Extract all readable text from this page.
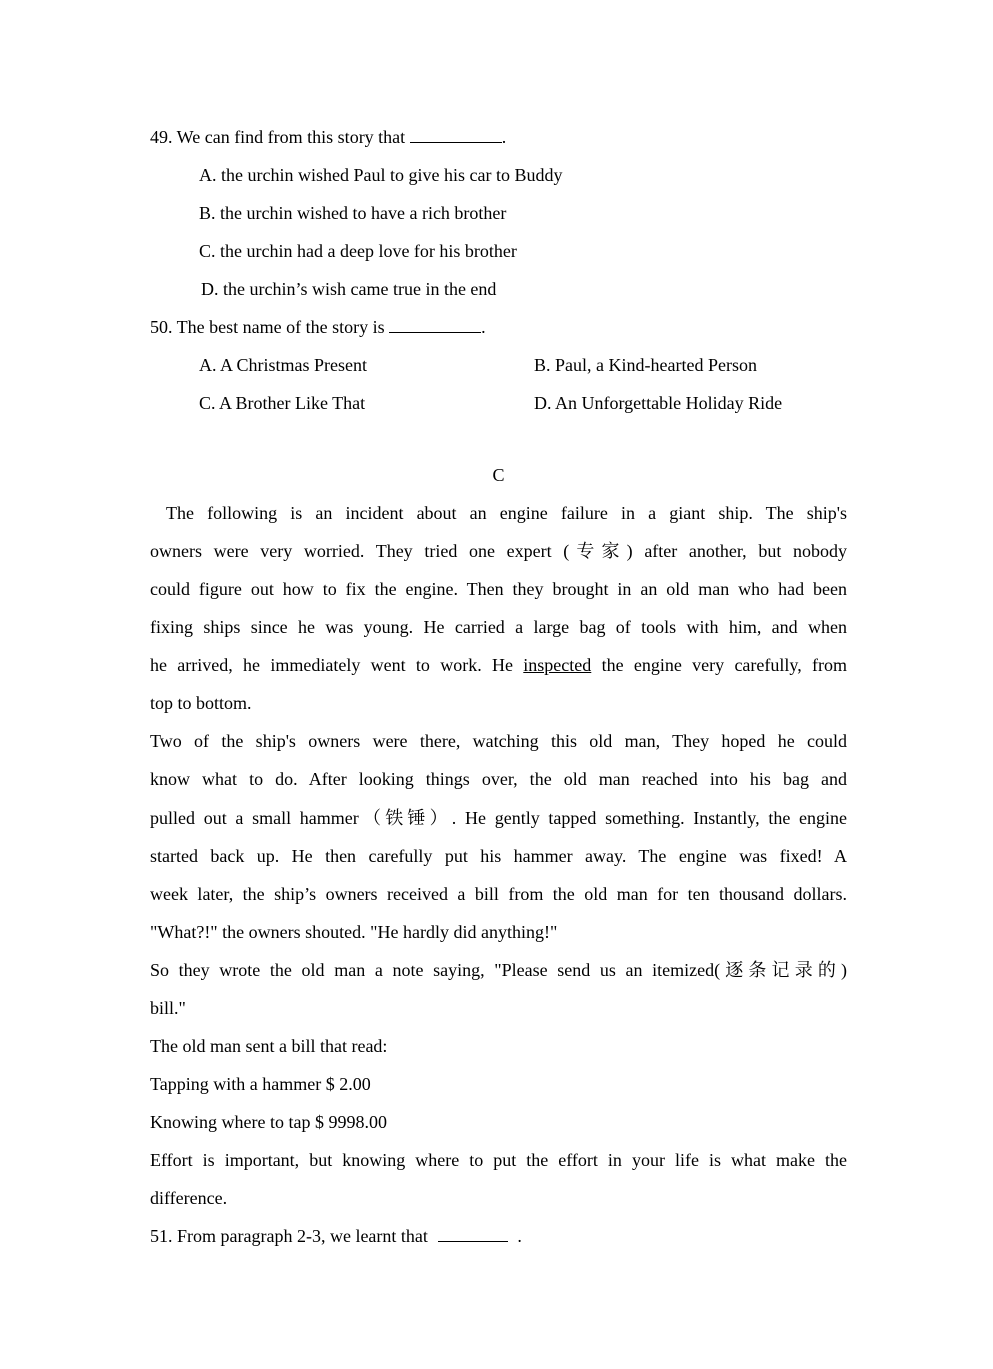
49. We can find from this story that	.
A. the urchin wished Paul to give his car to Buddy
B. the urchin wished to have a rich brother
C. the urchin had a deep love for his brother
D. the urchin’s wish came true in the end
50. The best name of the story is	.
A. A Christmas Present	B. Paul, a Kind-hearted Person
C. A Brother Like That	D. An Unforgettable Holiday Ride
C
The following is an incident about an engine failure in a giant ship. The ship's
owners were very worried. They tried one expert (专家) after another, but nobody
could figure out how to fix the engine. Then they brought in an old man who had been
fixing ships since he was young. He carried a large bag of tools with him, and when
he arrived, he immediately went to work. He inspected the engine very carefully, from
top to bottom.
Two of the ship's owners were there, watching this old man, They hoped he could
know what to do. After looking things over, the old man reached into his bag and
pulled out a small hammer（铁锤）. He gently tapped something. Instantly, the engine
started back up. He then carefully put his hammer away. The engine was fixed! A
week later, the ship’s owners received a bill from the old man for ten thousand dollars.
"What?!" the owners shouted. "He hardly did anything!"
So they wrote the old man a note saying, "Please send us an itemized(逐条记录的)
bill."
The old man sent a bill that read:
Tapping with a hammer $ 2.00
Knowing where to tap $ 9998.00
Effort is important, but knowing where to put the effort in your life is what make the
difference.
51. From paragraph 2-3, we learnt that	.
